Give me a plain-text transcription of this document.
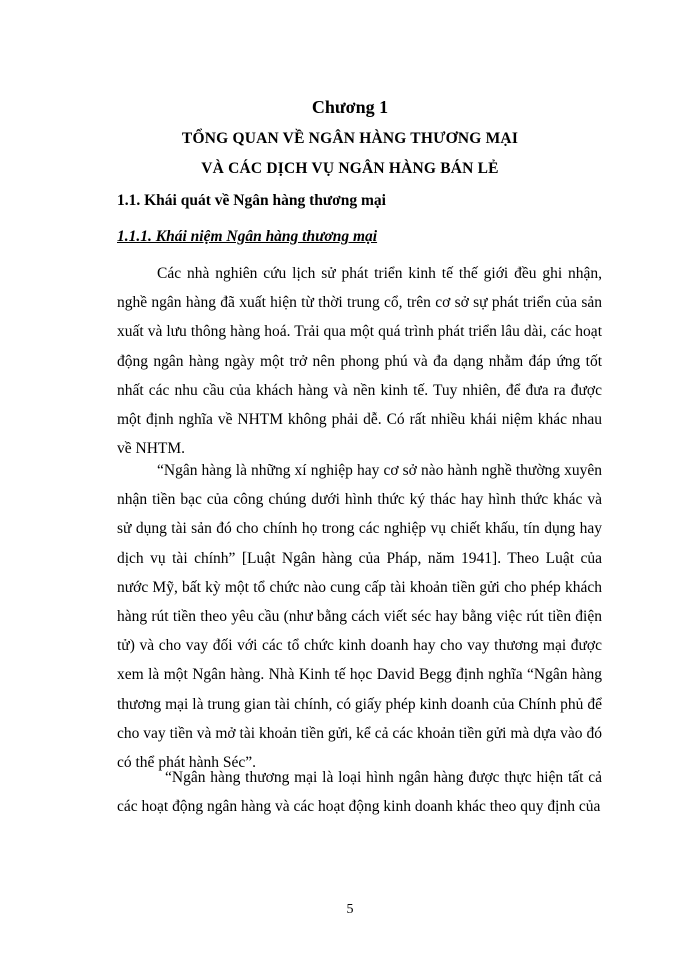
Chương 1
TỔNG QUAN VỀ NGÂN HÀNG THƯƠNG MẠI
VÀ CÁC DỊCH VỤ NGÂN HÀNG BÁN LẺ
1.1. Khái quát về Ngân hàng thương mại
1.1.1. Khái niệm Ngân hàng thương mại

Các nhà nghiên cứu lịch sử phát triển kinh tế thế giới đều ghi nhận, nghề ngân hàng đã xuất hiện từ thời trung cổ, trên cơ sở sự phát triển của sản xuất và lưu thông hàng hoá. Trải qua một quá trình phát triển lâu dài, các hoạt động ngân hàng ngày một trở nên phong phú và đa dạng nhằm đáp ứng tốt nhất các nhu cầu của khách hàng và nền kinh tế. Tuy nhiên, để đưa ra được một định nghĩa về NHTM không phải dễ. Có rất nhiều khái niệm khác nhau về NHTM.

“Ngân hàng là những xí nghiệp hay cơ sở nào hành nghề thường xuyên nhận tiền bạc của công chúng dưới hình thức ký thác hay hình thức khác và sử dụng tài sản đó cho chính họ trong các nghiệp vụ chiết khấu, tín dụng hay dịch vụ tài chính” [Luật Ngân hàng của Pháp, năm 1941]. Theo Luật của nước Mỹ, bất kỳ một tổ chức nào cung cấp tài khoản tiền gửi cho phép khách hàng rút tiền theo yêu cầu (như bằng cách viết séc hay bằng việc rút tiền điện tử) và cho vay đối với các tổ chức kinh doanh hay cho vay thương mại được xem là một Ngân hàng. Nhà Kinh tế học David Begg định nghĩa “Ngân hàng thương mại là trung gian tài chính, có giấy phép kinh doanh của Chính phủ để cho vay tiền và mở tài khoản tiền gửi, kể cả các khoản tiền gửi mà dựa vào đó có thể phát hành Séc”.

“Ngân hàng thương mại là loại hình ngân hàng được thực hiện tất cả các hoạt động ngân hàng và các hoạt động kinh doanh khác theo quy định của

5
